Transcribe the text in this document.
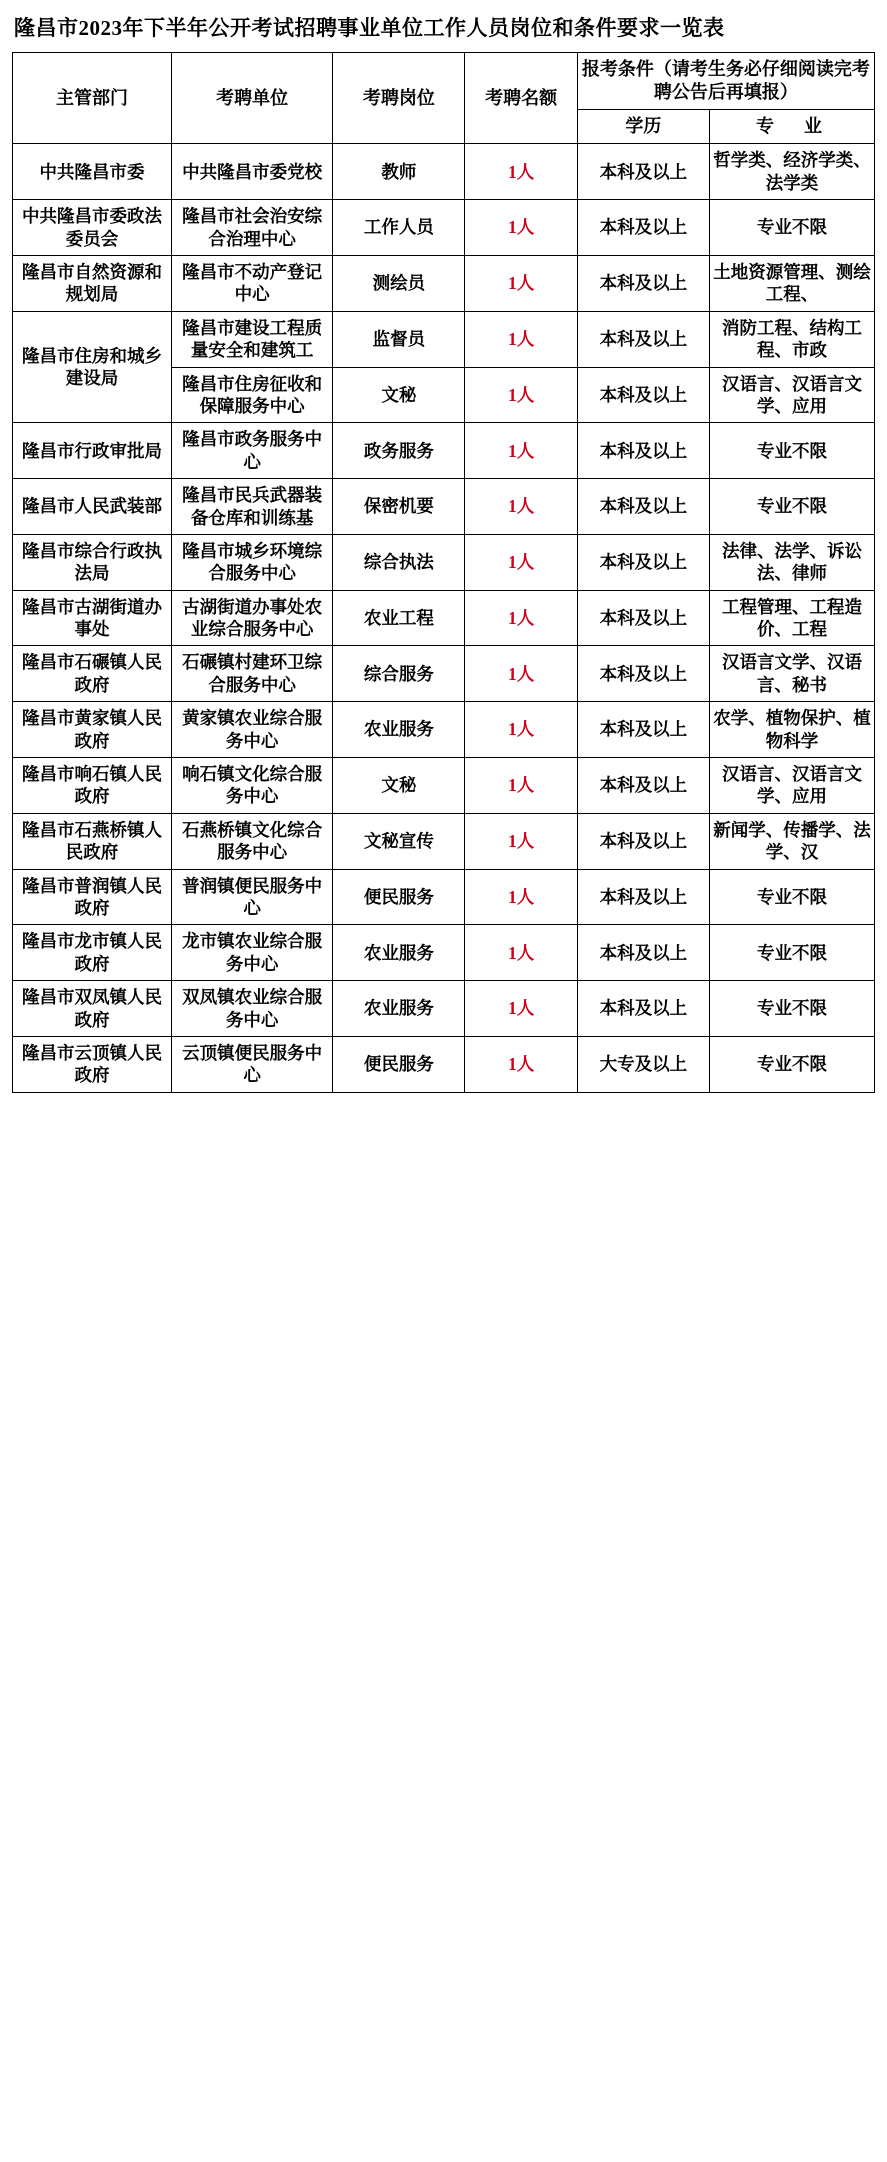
隆昌市2023年下半年公开考试招聘事业单位工作人员岗位和条件要求一览表
主管部门	考聘单位	考聘岗位	考聘名额	报考条件（请考生务必仔细阅读完考聘公告后再填报）	
				学历	专　业
中共隆昌市委	中共隆昌市委党校	教师	1人	本科及以上	哲学类、经济学类、法学类
中共隆昌市委政法委员会	隆昌市社会治安综合治理中心	工作人员	1人	本科及以上	专业不限
隆昌市自然资源和规划局	隆昌市不动产登记中心	测绘员	1人	本科及以上	土地资源管理、测绘工程、
隆昌市住房和城乡建设局	隆昌市建设工程质量安全和建筑工	监督员	1人	本科及以上	消防工程、结构工程、市政
	隆昌市住房征收和保障服务中心	文秘	1人	本科及以上	汉语言、汉语言文学、应用
隆昌市行政审批局	隆昌市政务服务中心	政务服务	1人	本科及以上	专业不限
隆昌市人民武装部	隆昌市民兵武器装备仓库和训练基	保密机要	1人	本科及以上	专业不限
隆昌市综合行政执法局	隆昌市城乡环境综合服务中心	综合执法	1人	本科及以上	法律、法学、诉讼法、律师
隆昌市古湖街道办事处	古湖街道办事处农业综合服务中心	农业工程	1人	本科及以上	工程管理、工程造价、工程
隆昌市石碾镇人民政府	石碾镇村建环卫综合服务中心	综合服务	1人	本科及以上	汉语言文学、汉语言、秘书
隆昌市黄家镇人民政府	黄家镇农业综合服务中心	农业服务	1人	本科及以上	农学、植物保护、植物科学
隆昌市响石镇人民政府	响石镇文化综合服务中心	文秘	1人	本科及以上	汉语言、汉语言文学、应用
隆昌市石燕桥镇人民政府	石燕桥镇文化综合服务中心	文秘宣传	1人	本科及以上	新闻学、传播学、法学、汉
隆昌市普润镇人民政府	普润镇便民服务中心	便民服务	1人	本科及以上	专业不限
隆昌市龙市镇人民政府	龙市镇农业综合服务中心	农业服务	1人	本科及以上	专业不限
隆昌市双凤镇人民政府	双凤镇农业综合服务中心	农业服务	1人	本科及以上	专业不限
隆昌市云顶镇人民政府	云顶镇便民服务中心	便民服务	1人	大专及以上	专业不限
